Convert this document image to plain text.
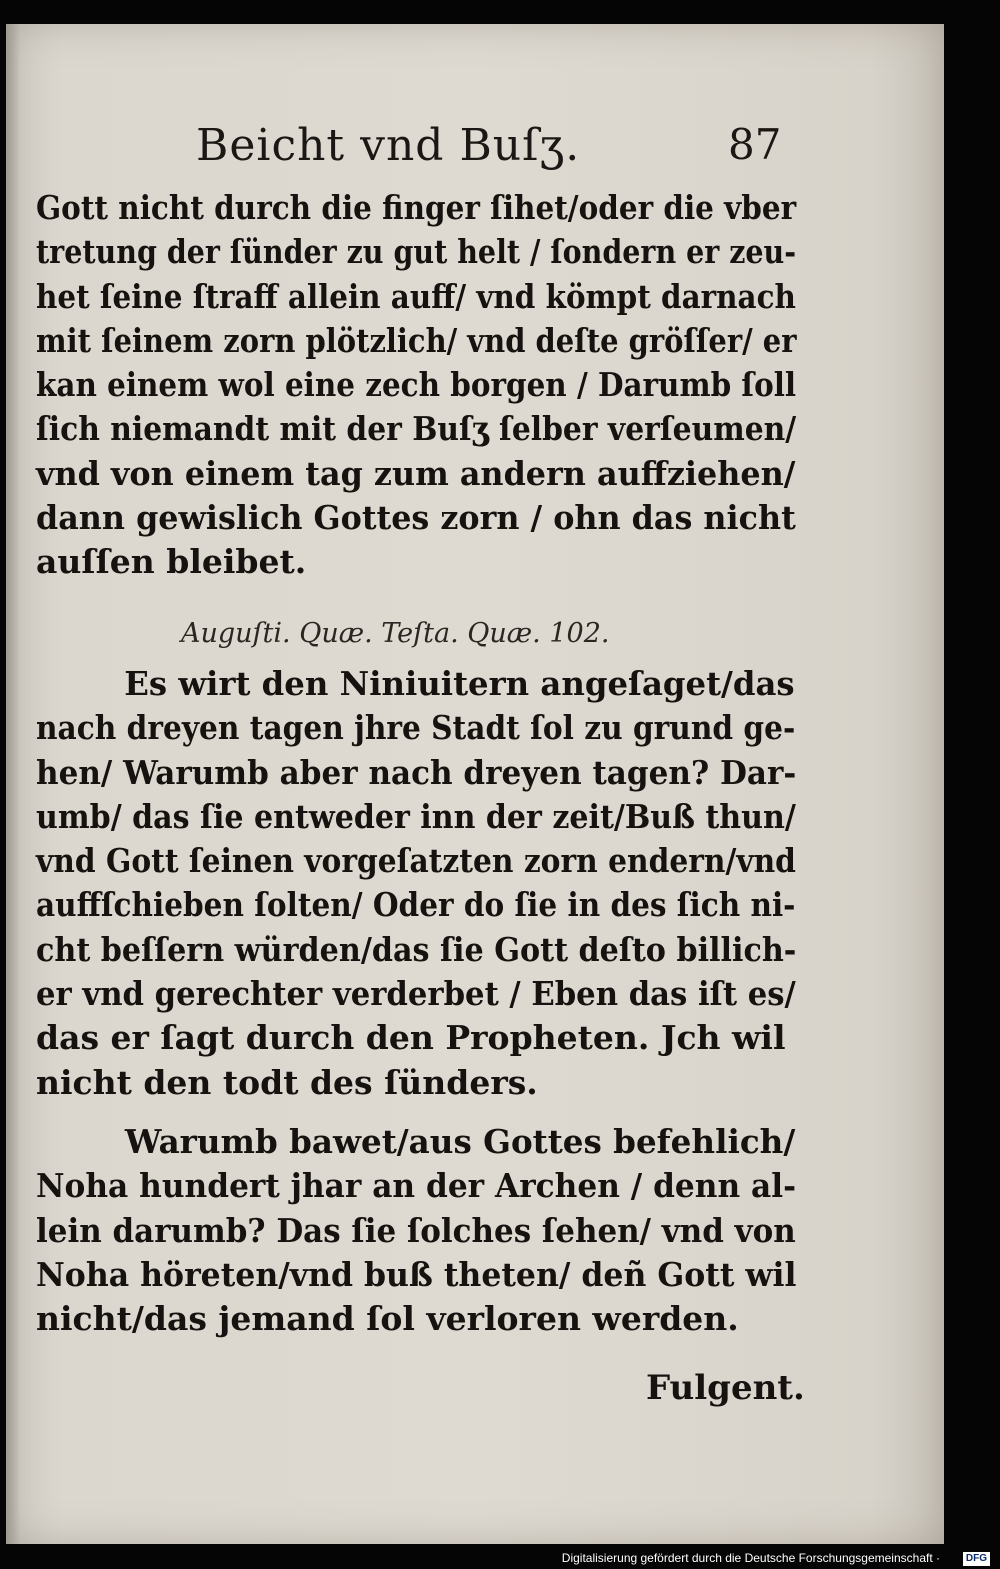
Beicht vnd Buſʒ.	87
Gott nicht durch die finger ſihet/oder die vber
tretung der ſünder zu gut helt / ſondern er zeu-
het ſeine ſtraff allein auff/ vnd kömpt darnach
mit ſeinem zorn plötzlich/ vnd deſte gröſſer/ er
kan einem wol eine zech borgen / Darumb ſoll
ſich niemandt mit der Buſʒ ſelber verſeumen/
vnd von einem tag zum andern auffziehen/
dann gewislich Gottes zorn / ohn das nicht
auſſen bleibet.
Auguſti. Quæ. Teſta. Quæ. 102.
Es wirt den Niniuitern angeſaget/das
nach dreyen tagen jhre Stadt ſol zu grund ge-
hen/ Warumb aber nach dreyen tagen? Dar-
umb/ das ſie entweder inn der zeit/Buß thun/
vnd Gott ſeinen vorgeſatzten zorn endern/vnd
auffſchieben ſolten/ Oder do ſie in des ſich ni-
cht beſſern würden/das ſie Gott deſto billich-
er vnd gerechter verderbet / Eben das iſt es/
das er ſagt durch den Propheten. Jch wil
nicht den todt des ſünders.
Warumb bawet/aus Gottes befehlich/
Noha hundert jhar an der Archen / denn al-
lein darumb? Das ſie ſolches ſehen/ vnd von
Noha höreten/vnd buß theten/ deñ Gott wil
nicht/das jemand ſol verloren werden.
Fulgent.
Digitalisierung gefördert durch die Deutsche Forschungsgemeinschaft ·	DFG
